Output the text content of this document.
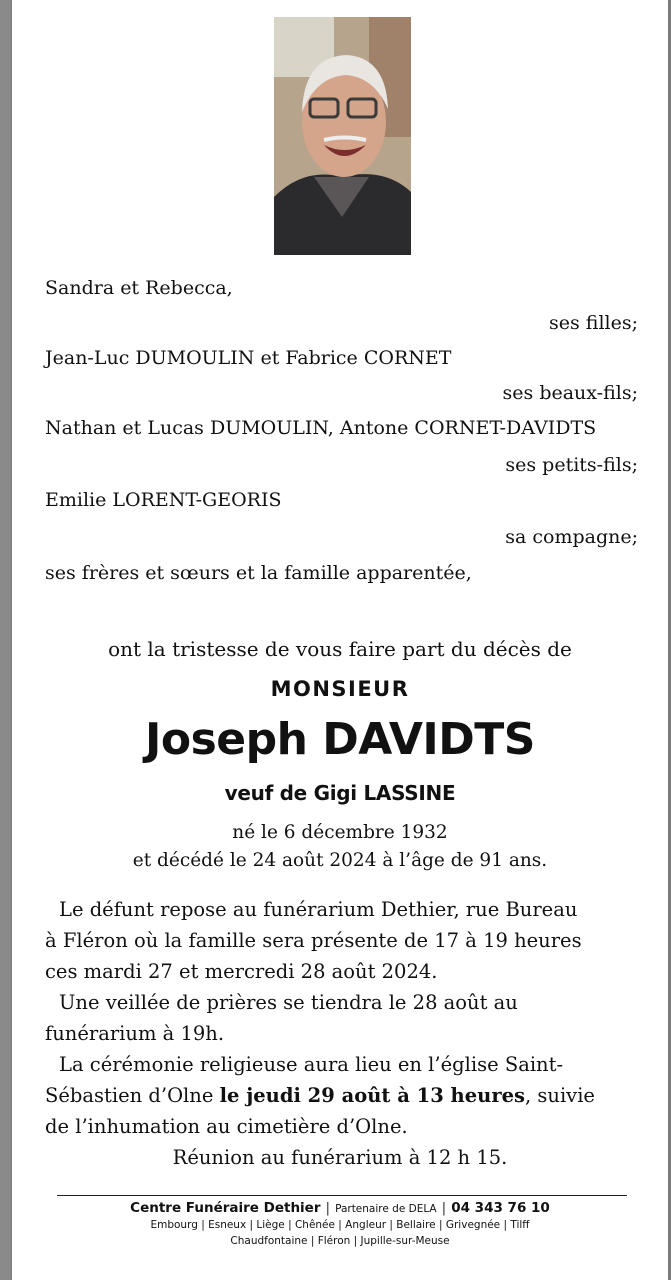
Sandra et Rebecca,
ses filles;
Jean-Luc DUMOULIN et Fabrice CORNET
ses beaux-fils;
Nathan et Lucas DUMOULIN, Antone CORNET-DAVIDTS
ses petits-fils;
Emilie LORENT-GEORIS
sa compagne;
ses frères et sœurs et la famille apparentée,
ont la tristesse de vous faire part du décès de
MONSIEUR
Joseph DAVIDTS
veuf de Gigi LASSINE
né le 6 décembre 1932
et décédé le 24 août 2024 à l’âge de 91 ans.
Le défunt repose au funérarium Dethier, rue Bureau
à Fléron où la famille sera présente de 17 à 19 heures
ces mardi 27 et mercredi 28 août 2024.
Une veillée de prières se tiendra le 28 août au
funérarium à 19h.
La cérémonie religieuse aura lieu en l’église Saint-
Sébastien d’Olne le jeudi 29 août à 13 heures, suivie
de l’inhumation au cimetière d’Olne.
Réunion au funérarium à 12 h 15.
Centre Funéraire Dethier | Partenaire de DELA | 04 343 76 10
Embourg | Esneux | Liège | Chênée | Angleur | Bellaire | Grivegnée | Tilff
Chaudfontaine | Fléron | Jupille-sur-Meuse
